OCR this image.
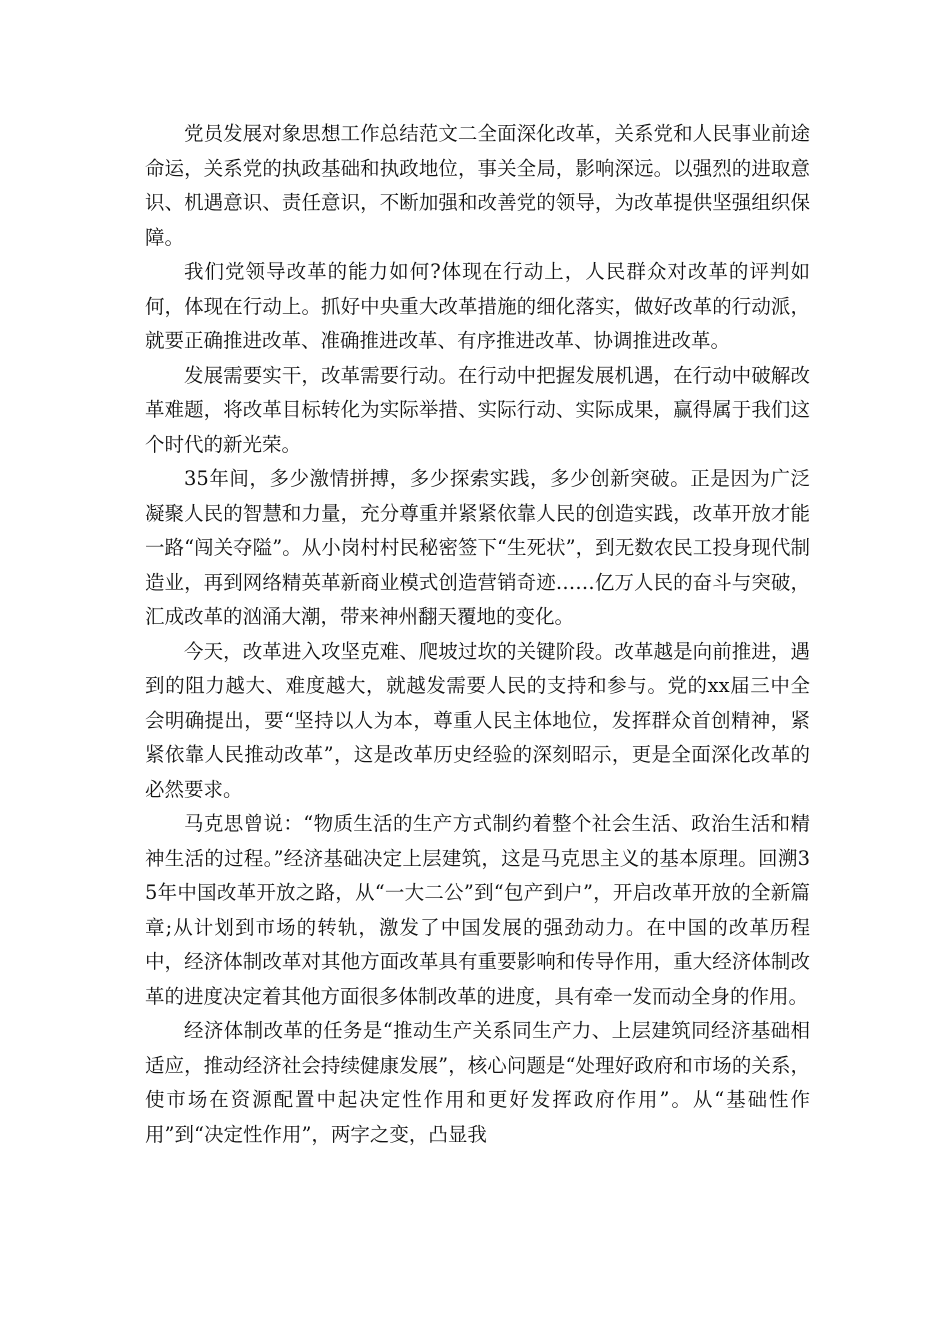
党员发展对象思想工作总结范文二全面深化改革，关系党和人民事业前途命运，关系党的执政基础和执政地位，事关全局，影响深远。以强烈的进取意识、机遇意识、责任意识，不断加强和改善党的领导，为改革提供坚强组织保障。

我们党领导改革的能力如何?体现在行动上，人民群众对改革的评判如何，体现在行动上。抓好中央重大改革措施的细化落实，做好改革的行动派，就要正确推进改革、准确推进改革、有序推进改革、协调推进改革。

发展需要实干，改革需要行动。在行动中把握发展机遇，在行动中破解改革难题，将改革目标转化为实际举措、实际行动、实际成果，赢得属于我们这个时代的新光荣。

35年间，多少激情拼搏，多少探索实践，多少创新突破。正是因为广泛凝聚人民的智慧和力量，充分尊重并紧紧依靠人民的创造实践，改革开放才能一路“闯关夺隘”。从小岗村村民秘密签下“生死状”，到无数农民工投身现代制造业，再到网络精英革新商业模式创造营销奇迹……亿万人民的奋斗与突破，汇成改革的汹涌大潮，带来神州翻天覆地的变化。

今天，改革进入攻坚克难、爬坡过坎的关键阶段。改革越是向前推进，遇到的阻力越大、难度越大，就越发需要人民的支持和参与。党的xx届三中全会明确提出，要“坚持以人为本，尊重人民主体地位，发挥群众首创精神，紧紧依靠人民推动改革”，这是改革历史经验的深刻昭示，更是全面深化改革的必然要求。

马克思曾说：“物质生活的生产方式制约着整个社会生活、政治生活和精神生活的过程。”经济基础决定上层建筑，这是马克思主义的基本原理。回溯35年中国改革开放之路，从“一大二公”到“包产到户”，开启改革开放的全新篇章;从计划到市场的转轨，激发了中国发展的强劲动力。在中国的改革历程中，经济体制改革对其他方面改革具有重要影响和传导作用，重大经济体制改革的进度决定着其他方面很多体制改革的进度，具有牵一发而动全身的作用。

经济体制改革的任务是“推动生产关系同生产力、上层建筑同经济基础相适应，推动经济社会持续健康发展”，核心问题是“处理好政府和市场的关系，使市场在资源配置中起决定性作用和更好发挥政府作用”。从“基础性作用”到“决定性作用”，两字之变，凸显我
